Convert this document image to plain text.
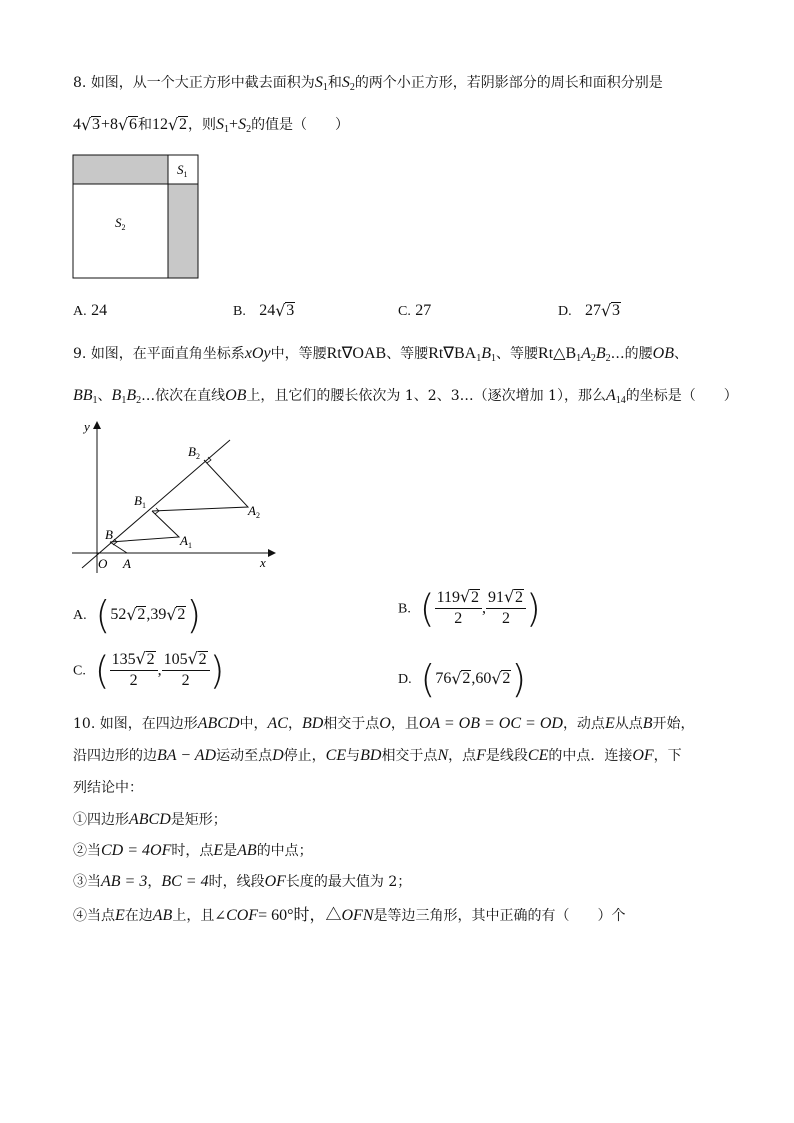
8. 如图，从一个大正方形中截去面积为$S_1$和$S_2$的两个小正方形，若阴影部分的周长和面积分别是
4 √ 3+8 √ 6和12 √ 2，则$S_1+S_2$的值是（　　）
$S_1$
$S_2$
A. 24	B. 24 √ 3	C. 27	D. 27 √ 3
9. 如图，在平面直角坐标系xOy中，等腰Rt∇OAB、等腰$Rt\nabla BA_1B_1$、等腰$Rt\triangle B_1A_2B_2\dots$的腰OB、
$BB_1$、$B_1B_2\dots$依次在直线OB上，且它们的腰长依次为 1、2、3…（逐次增加 1），那么$A_{14}$的坐标是（　　）
y
x
O A
B	$A_1$
$B_1$	$A_2$
$B_2$
A. (52 √ 2,39 √ 2)	B. ( $\frac{119 √ 2}{2}$ , $\frac{91 √ 2}{2}$ )
C. ( $\frac{135 √ 2}{2}$ , $\frac{105 √ 2}{2}$ )	D. (76 √ 2,60 √ 2)
10. 如图，在四边形ABCD中，AC，BD相交于点O，且OA = OB = OC = OD，动点E从点B开始，
沿四边形的边BA − AD运动至点D停止，CE与BD相交于点N，点F是线段CE的中点．连接OF，下
列结论中：
①四边形ABCD是矩形；
②当CD = 4OF时，点E是AB的中点；
③当AB = 3，BC = 4时，线段OF长度的最大值为 2；
④当点E在边AB上，且∠COF= 60°时，△OFN是等边三角形，其中正确的有（　　）个
